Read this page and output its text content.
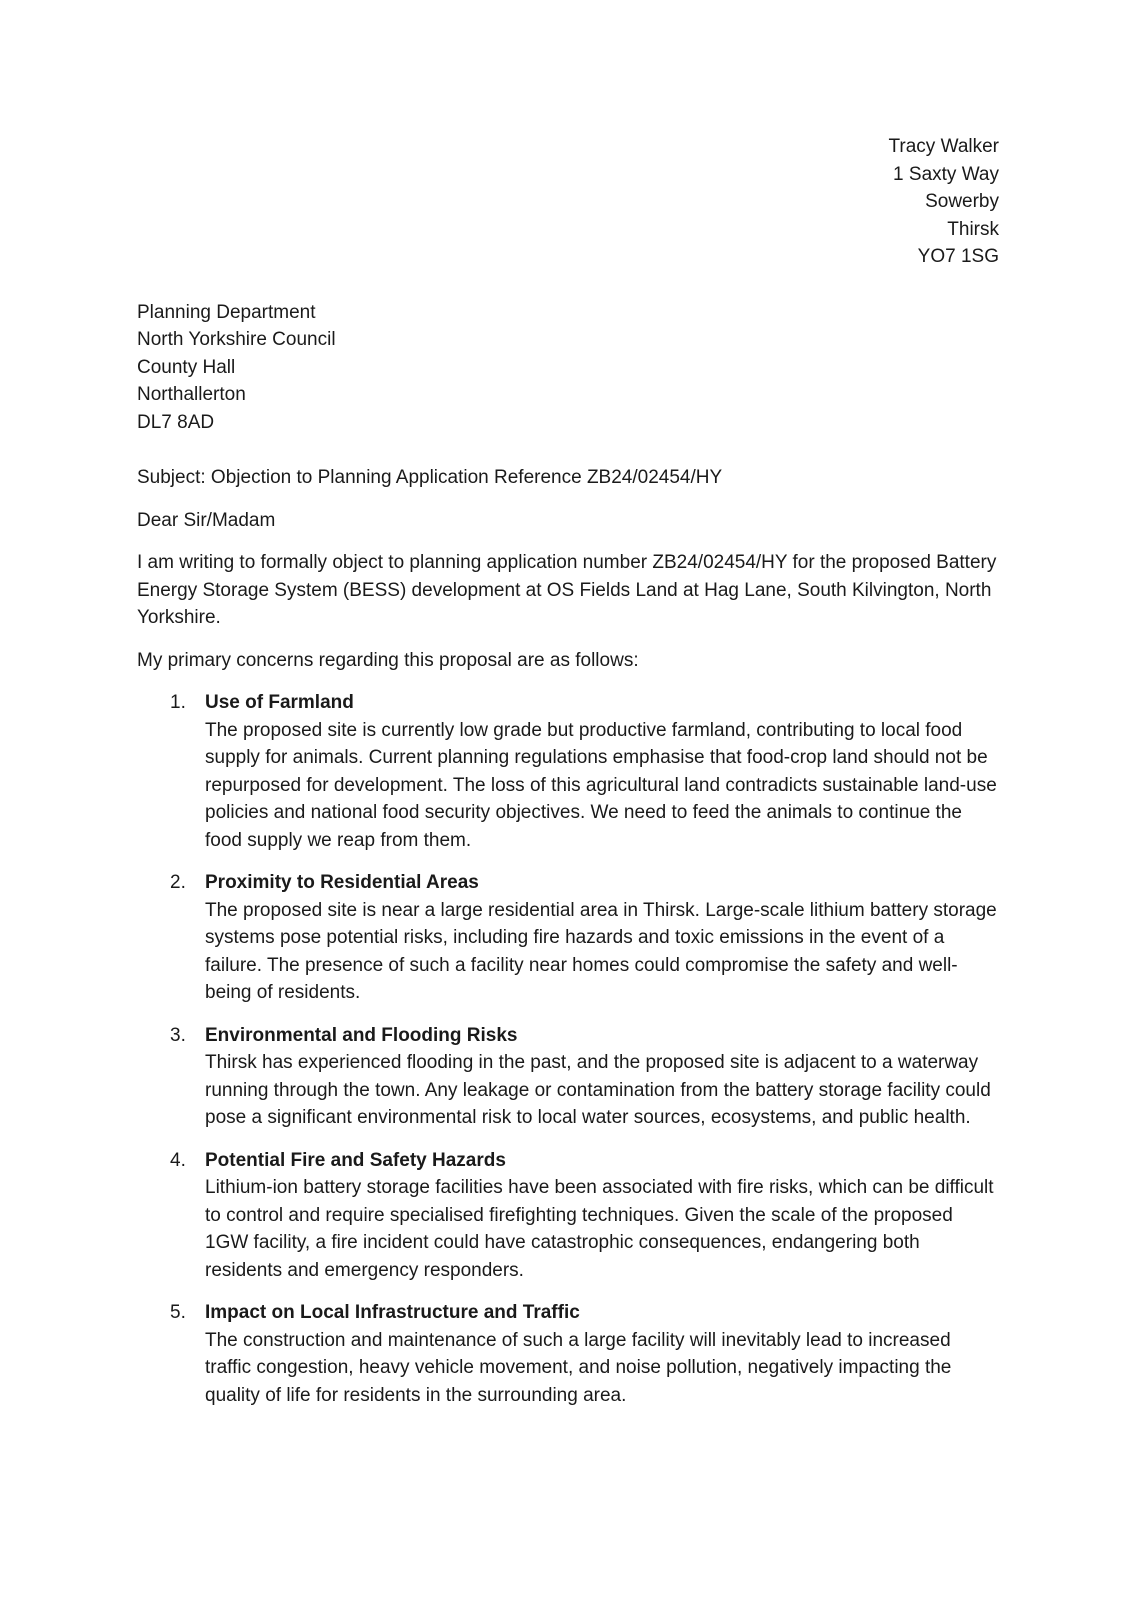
Tracy Walker
1 Saxty Way
Sowerby
Thirsk
YO7 1SG
Planning Department
North Yorkshire Council
County Hall
Northallerton
DL7 8AD
Subject: Objection to Planning Application Reference ZB24/02454/HY
Dear Sir/Madam
I am writing to formally object to planning application number ZB24/02454/HY for the proposed Battery Energy Storage System (BESS) development at OS Fields Land at Hag Lane, South Kilvington, North Yorkshire.
My primary concerns regarding this proposal are as follows:
1. Use of Farmland
The proposed site is currently low grade but productive farmland, contributing to local food supply for animals. Current planning regulations emphasise that food-crop land should not be repurposed for development. The loss of this agricultural land contradicts sustainable land-use policies and national food security objectives. We need to feed the animals to continue the food supply we reap from them.
2. Proximity to Residential Areas
The proposed site is near a large residential area in Thirsk. Large-scale lithium battery storage systems pose potential risks, including fire hazards and toxic emissions in the event of a failure. The presence of such a facility near homes could compromise the safety and well-being of residents.
3. Environmental and Flooding Risks
Thirsk has experienced flooding in the past, and the proposed site is adjacent to a waterway running through the town. Any leakage or contamination from the battery storage facility could pose a significant environmental risk to local water sources, ecosystems, and public health.
4. Potential Fire and Safety Hazards
Lithium-ion battery storage facilities have been associated with fire risks, which can be difficult to control and require specialised firefighting techniques. Given the scale of the proposed 1GW facility, a fire incident could have catastrophic consequences, endangering both residents and emergency responders.
5. Impact on Local Infrastructure and Traffic
The construction and maintenance of such a large facility will inevitably lead to increased traffic congestion, heavy vehicle movement, and noise pollution, negatively impacting the quality of life for residents in the surrounding area.
